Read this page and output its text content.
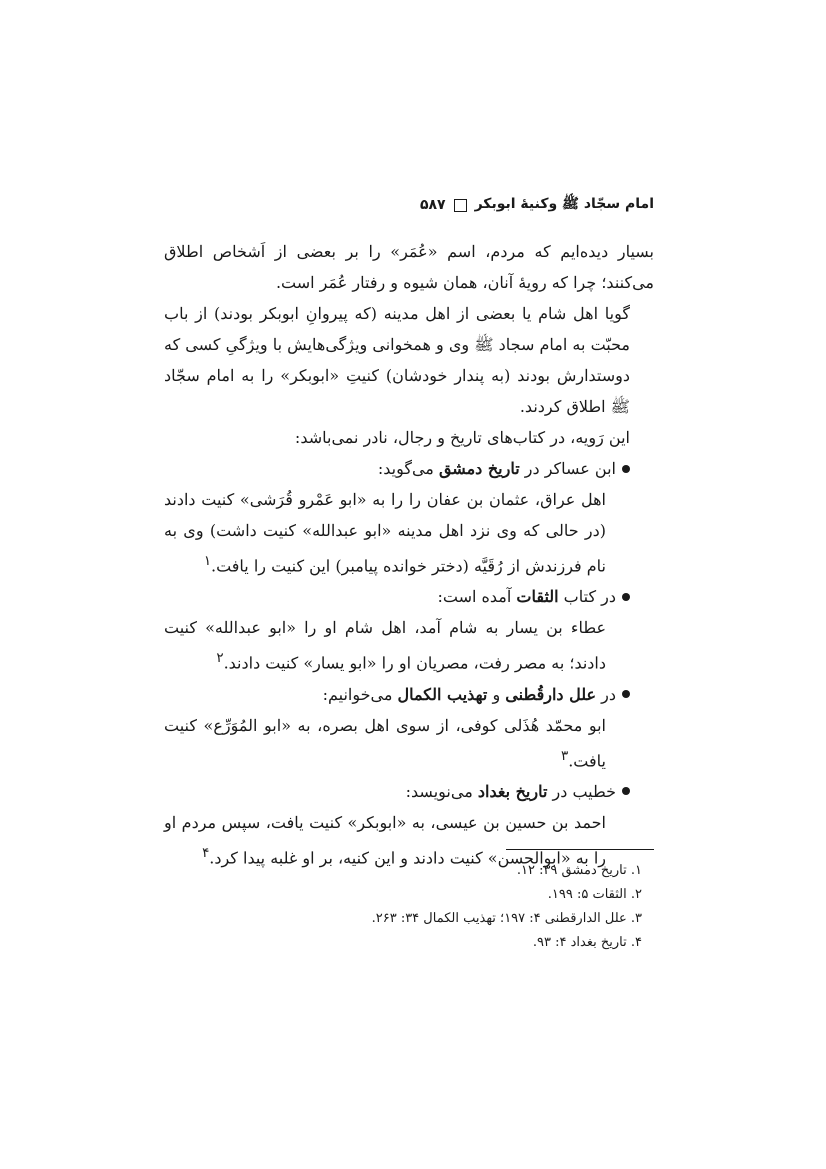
امام سجّاد ﷺ وکنیهٔ ابوبکر
۵۸۷

بسیار دیده‌ایم که مردم، اسم «عُمَر» را بر بعضی از اَشخاص اطلاق می‌کنند؛ چرا که رویهٔ آنان، همان شیوه و رفتار عُمَر است.

گویا اهل شام یا بعضی از اهل مدینه (که پیروانِ ابوبکر بودند) از باب محبّت به امام سجاد ﷺ وی و همخوانی ویژگی‌هایش با ویژگیِ کسی که دوستدارش بودند (به پندار خودشان) کنیتِ «ابوبکر» را به امام سجّاد ﷺ اطلاق کردند.

این رَویه، در کتاب‌های تاریخ و رجال، نادر نمی‌باشد:

ابن عساکر در تاریخ دمشق می‌گوید:

اهل عراق، عثمان بن عفان را را به «ابو عَمْرو قُرَشی» کنیت دادند (در حالی که وی نزد اهل مدینه «ابو عبدالله» کنیت داشت) وی به نام فرزندش از رُقَیَّه (دختر خوانده پیامبر) این کنیت را یافت.$^۱$

در کتاب الثقات آمده است:

عطاء بن یسار به شام آمد، اهل شام او را «ابو عبدالله» کنیت دادند؛ به مصر رفت، مصریان او را «ابو یسار» کنیت دادند.$^۲$

در علل دارقُطنی و تهذیب الکمال می‌خوانیم:

ابو محمّد هُذَلی کوفی، از سوی اهل بصره، به «ابو المُوَرِّع» کنیت یافت.$^۳$

خطیب در تاریخ بغداد می‌نویسد:

احمد بن حسین بن عیسی، به «ابوبکر» کنیت یافت، سپس مردم او را به «ابوالحسن» کنیت دادند و این کنیه، بر او غلبه پیدا کرد.$^۴$

۱. تاریخ دمشق ۳۹: ۱۲.

۲. الثقات ۵: ۱۹۹.

۳. علل الدارقطنی ۴: ۱۹۷؛ تهذیب الکمال ۳۴: ۲۶۳.

۴. تاریخ بغداد ۴: ۹۳.
